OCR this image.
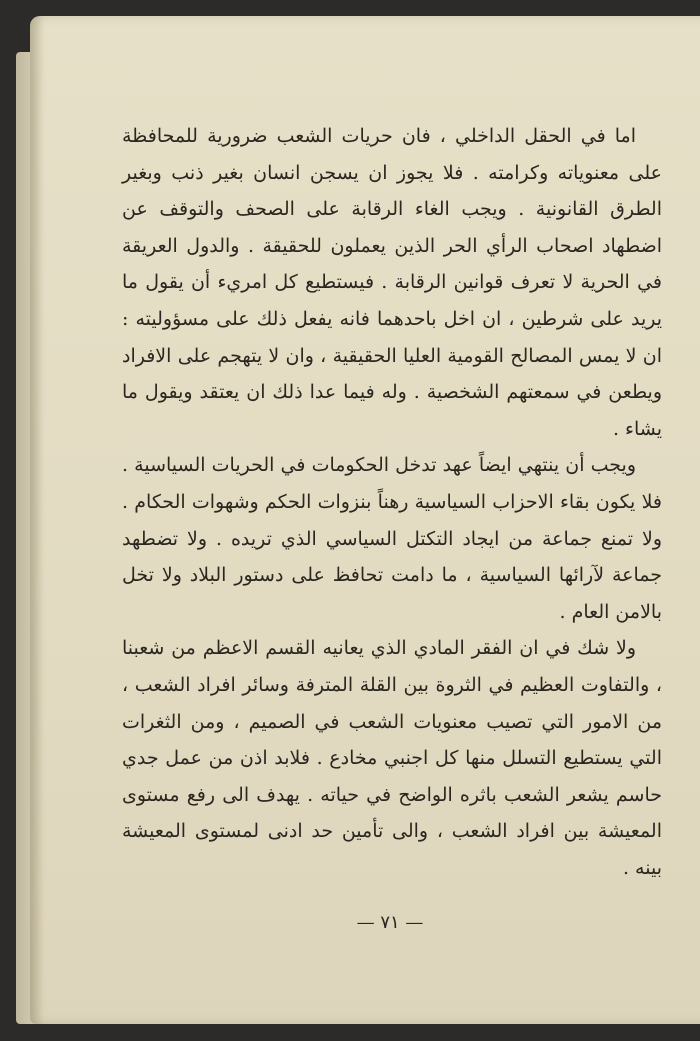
اما في الحقل الداخلي ، فان حريات الشعب ضرورية للمحافظة على معنوياته وكرامته . فلا يجوز ان يسجن انسان بغير ذنب وبغير الطرق القانونية . ويجب الغاء الرقابة على الصحف والتوقف عن اضطهاد اصحاب الرأي الحر الذين يعملون للحقيقة . والدول العريقة في الحرية لا تعرف قوانين الرقابة . فيستطيع كل امريء أن يقول ما يريد على شرطين ، ان اخل باحدهما فانه يفعل ذلك على مسؤوليته : ان لا يمس المصالح القومية العليا الحقيقية ، وان لا يتهجم على الافراد ويطعن في سمعتهم الشخصية . وله فيما عدا ذلك ان يعتقد ويقول ما يشاء .

ويجب أن ينتهي ايضاً عهد تدخل الحكومات في الحريات السياسية . فلا يكون بقاء الاحزاب السياسية رهناً بنزوات الحكم وشهوات الحكام . ولا تمنع جماعة من ايجاد التكتل السياسي الذي تريده . ولا تضطهد جماعة لآرائها السياسية ، ما دامت تحافظ على دستور البلاد ولا تخل بالامن العام .

ولا شك في ان الفقر المادي الذي يعانيه القسم الاعظم من شعبنا ، والتفاوت العظيم في الثروة بين القلة المترفة وسائر افراد الشعب ، من الامور التي تصيب معنويات الشعب في الصميم ، ومن الثغرات التي يستطيع التسلل منها كل اجنبي مخادع . فلابد اذن من عمل جدي حاسم يشعر الشعب باثره الواضح في حياته . يهدف الى رفع مستوى المعيشة بين افراد الشعب ، والى تأمين حد ادنى لمستوى المعيشة بينه .

— ٧١ —
